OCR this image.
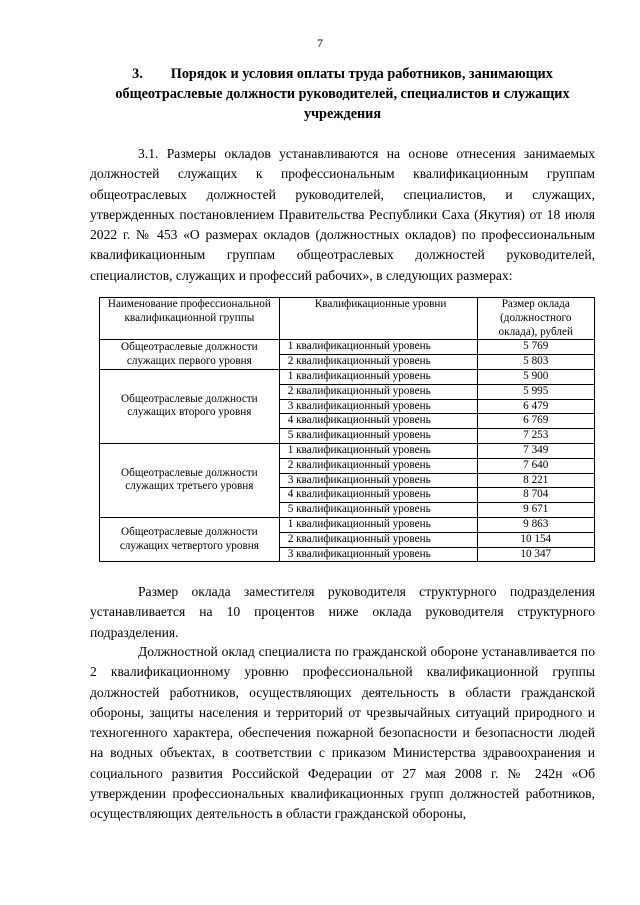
7
3. Порядок и условия оплаты труда работников, занимающих общеотраслевые должности руководителей, специалистов и служащих учреждения
3.1. Размеры окладов устанавливаются на основе отнесения занимаемых должностей служащих к профессиональным квалификационным группам общеотраслевых должностей руководителей, специалистов, и служащих, утвержденных постановлением Правительства Республики Саха (Якутия) от 18 июля 2022 г. № 453 «О размерах окладов (должностных окладов) по профессиональным квалификационным группам общеотраслевых должностей руководителей, специалистов, служащих и профессий рабочих», в следующих размерах:
Наименование профессиональной квалификационной группы	Квалификационные уровни	Размер оклада (должностного оклада), рублей
Общеотраслевые должности служащих первого уровня	1 квалификационный уровень	5 769
	2 квалификационный уровень	5 803
Общеотраслевые должности служащих второго уровня	1 квалификационный уровень	5 900
	2 квалификационный уровень	5 995
	3 квалификационный уровень	6 479
	4 квалификационный уровень	6 769
	5 квалификационный уровень	7 253
Общеотраслевые должности служащих третьего уровня	1 квалификационный уровень	7 349
	2 квалификационный уровень	7 640
	3 квалификационный уровень	8 221
	4 квалификационный уровень	8 704
	5 квалификационный уровень	9 671
Общеотраслевые должности служащих четвертого уровня	1 квалификационный уровень	9 863
	2 квалификационный уровень	10 154
	3 квалификационный уровень	10 347
Размер оклада заместителя руководителя структурного подразделения устанавливается на 10 процентов ниже оклада руководителя структурного подразделения.
Должностной оклад специалиста по гражданской обороне устанавливается по 2 квалификационному уровню профессиональной квалификационной группы должностей работников, осуществляющих деятельность в области гражданской обороны, защиты населения и территорий от чрезвычайных ситуаций природного и техногенного характера, обеспечения пожарной безопасности и безопасности людей на водных объектах, в соответствии с приказом Министерства здравоохранения и социального развития Российской Федерации от 27 мая 2008 г. № 242н «Об утверждении профессиональных квалификационных групп должностей работников, осуществляющих деятельность в области гражданской обороны,
